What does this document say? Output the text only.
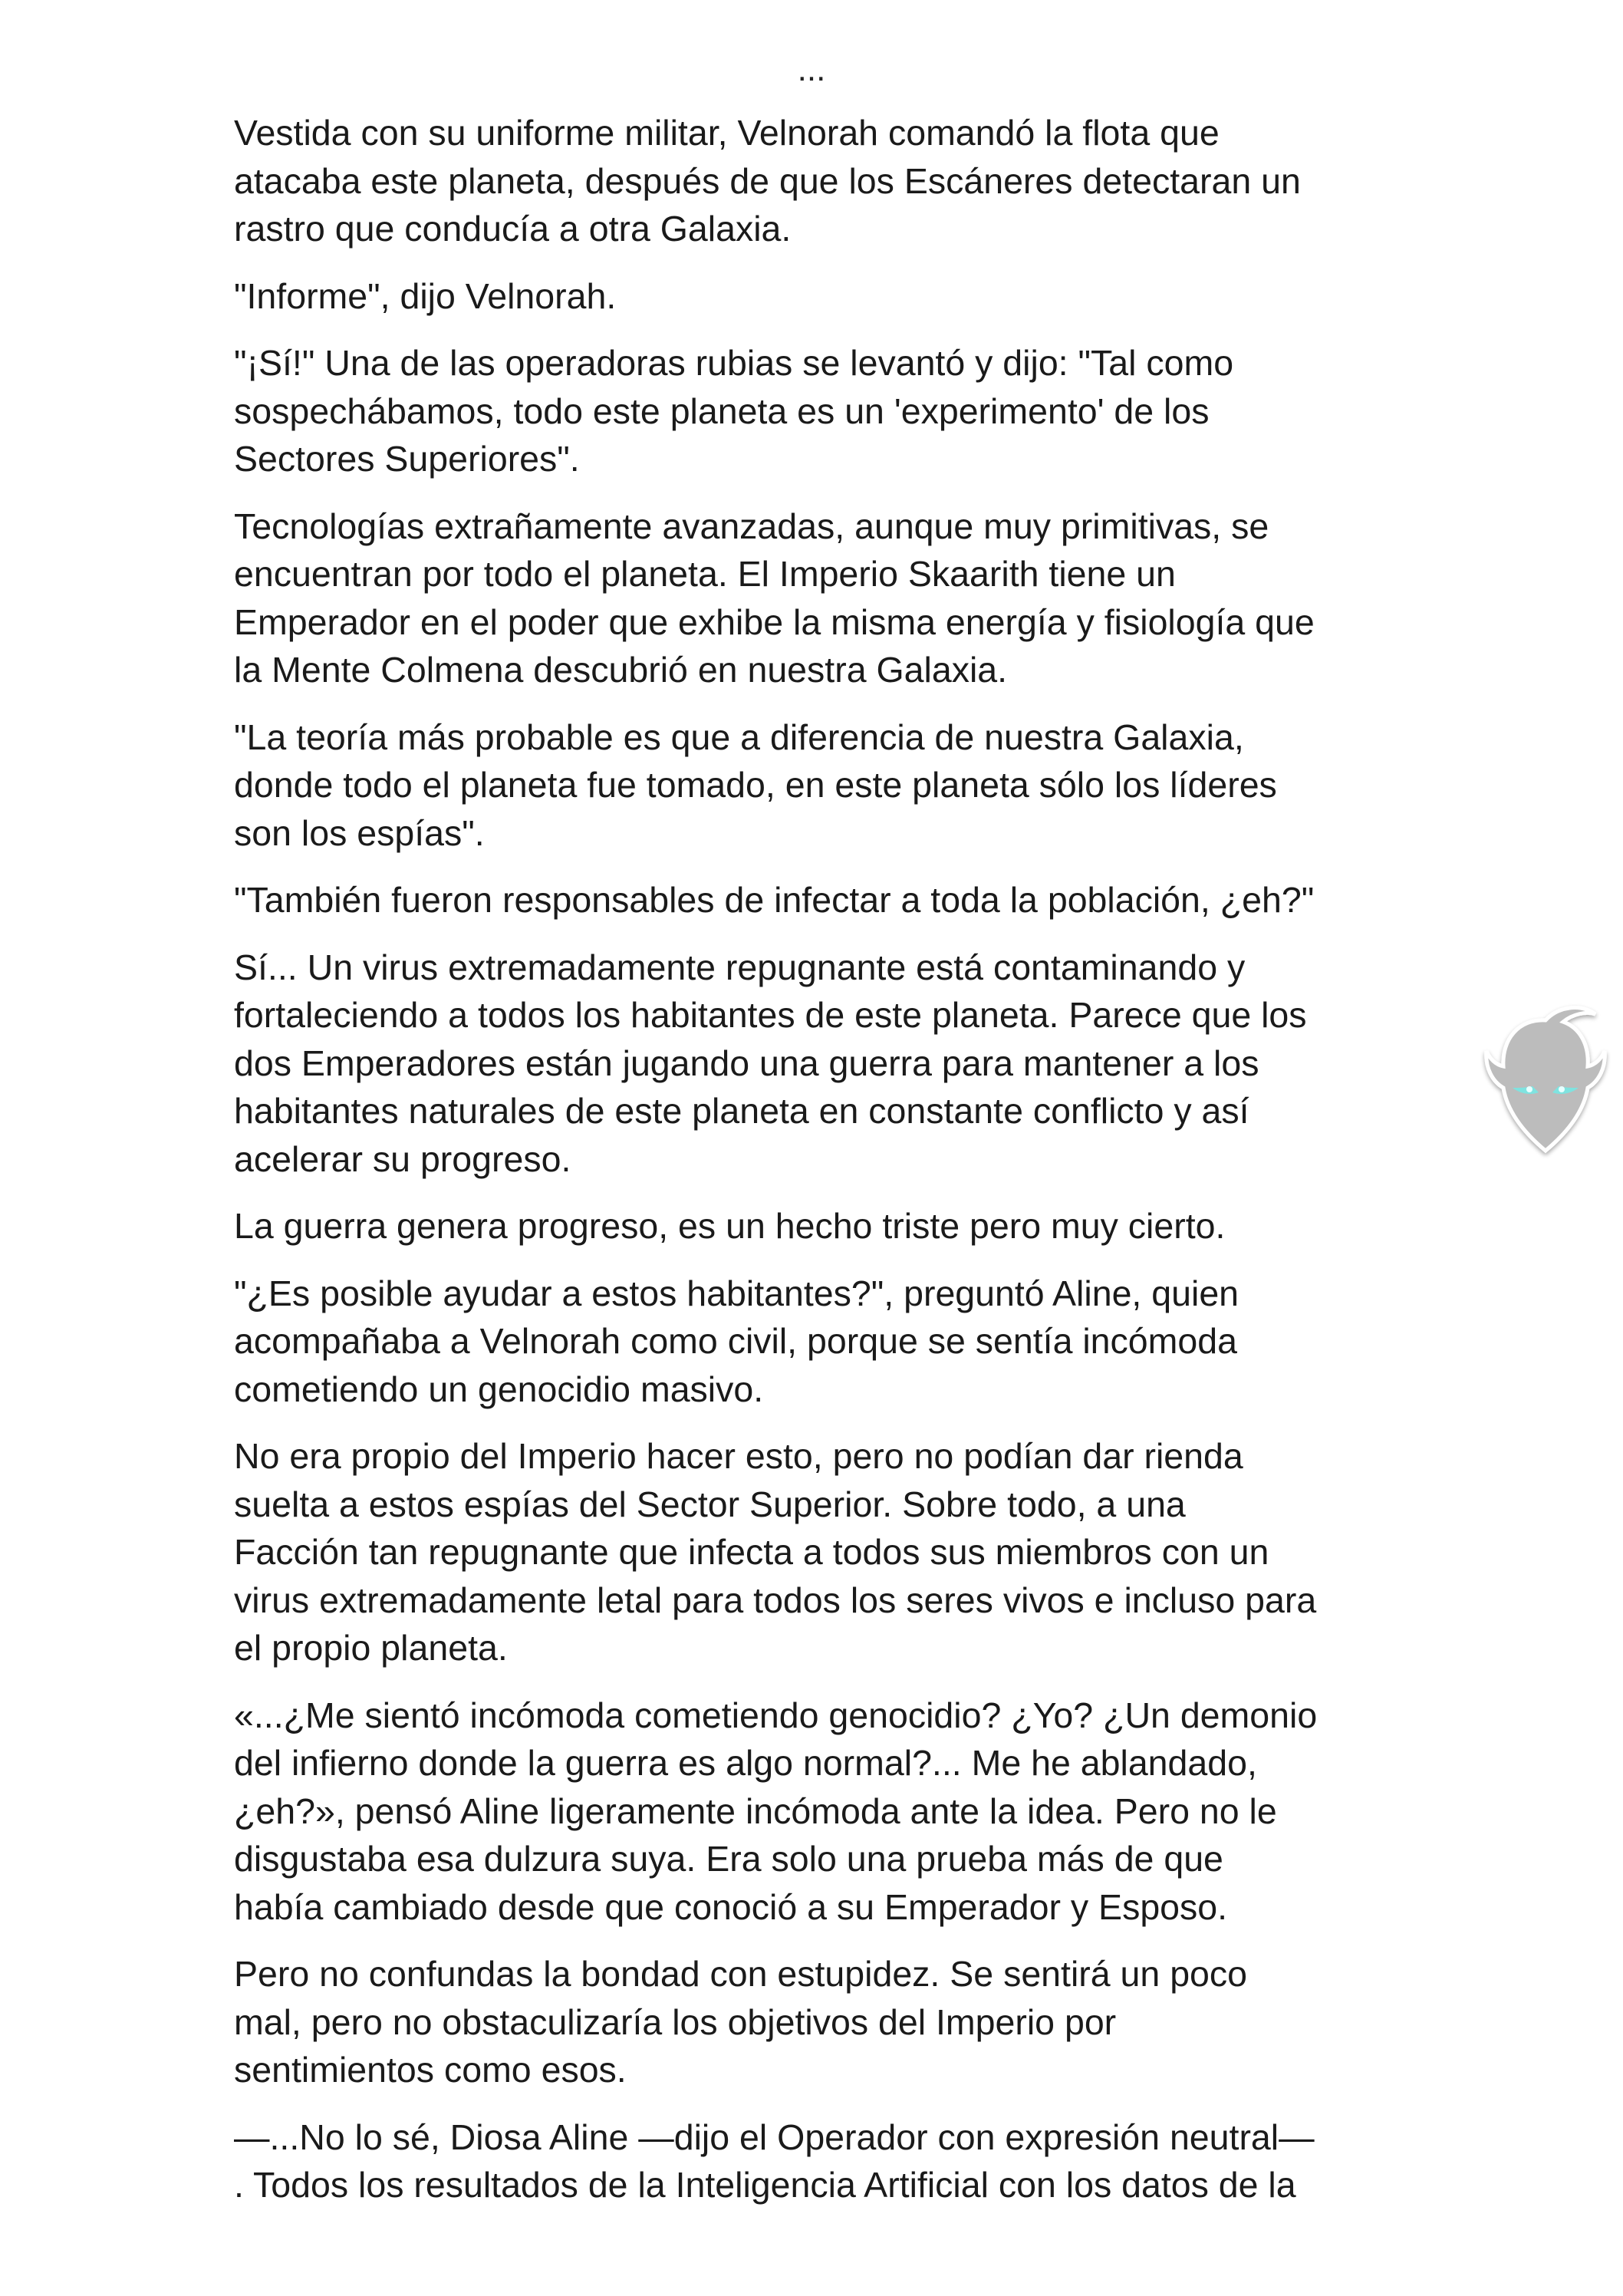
...
Vestida con su uniforme militar, Velnorah comandó la flota que
atacaba este planeta, después de que los Escáneres detectaran un
rastro que conducía a otra Galaxia.
"Informe", dijo Velnorah.
"¡Sí!" Una de las operadoras rubias se levantó y dijo: "Tal como
sospechábamos, todo este planeta es un 'experimento' de los
Sectores Superiores".
Tecnologías extrañamente avanzadas, aunque muy primitivas, se
encuentran por todo el planeta. El Imperio Skaarith tiene un
Emperador en el poder que exhibe la misma energía y fisiología que
la Mente Colmena descubrió en nuestra Galaxia.
"La teoría más probable es que a diferencia de nuestra Galaxia,
donde todo el planeta fue tomado, en este planeta sólo los líderes
son los espías".
"También fueron responsables de infectar a toda la población, ¿eh?"
Sí... Un virus extremadamente repugnante está contaminando y
fortaleciendo a todos los habitantes de este planeta. Parece que los
dos Emperadores están jugando una guerra para mantener a los
habitantes naturales de este planeta en constante conflicto y así
acelerar su progreso.
La guerra genera progreso, es un hecho triste pero muy cierto.
"¿Es posible ayudar a estos habitantes?", preguntó Aline, quien
acompañaba a Velnorah como civil, porque se sentía incómoda
cometiendo un genocidio masivo.
No era propio del Imperio hacer esto, pero no podían dar rienda
suelta a estos espías del Sector Superior. Sobre todo, a una
Facción tan repugnante que infecta a todos sus miembros con un
virus extremadamente letal para todos los seres vivos e incluso para
el propio planeta.
«...¿Me sientó incómoda cometiendo genocidio? ¿Yo? ¿Un demonio
del infierno donde la guerra es algo normal?... Me he ablandado,
¿eh?», pensó Aline ligeramente incómoda ante la idea. Pero no le
disgustaba esa dulzura suya. Era solo una prueba más de que
había cambiado desde que conoció a su Emperador y Esposo.
Pero no confundas la bondad con estupidez. Se sentirá un poco
mal, pero no obstaculizaría los objetivos del Imperio por
sentimientos como esos.
—...No lo sé, Diosa Aline —dijo el Operador con expresión neutral—
. Todos los resultados de la Inteligencia Artificial con los datos de la
